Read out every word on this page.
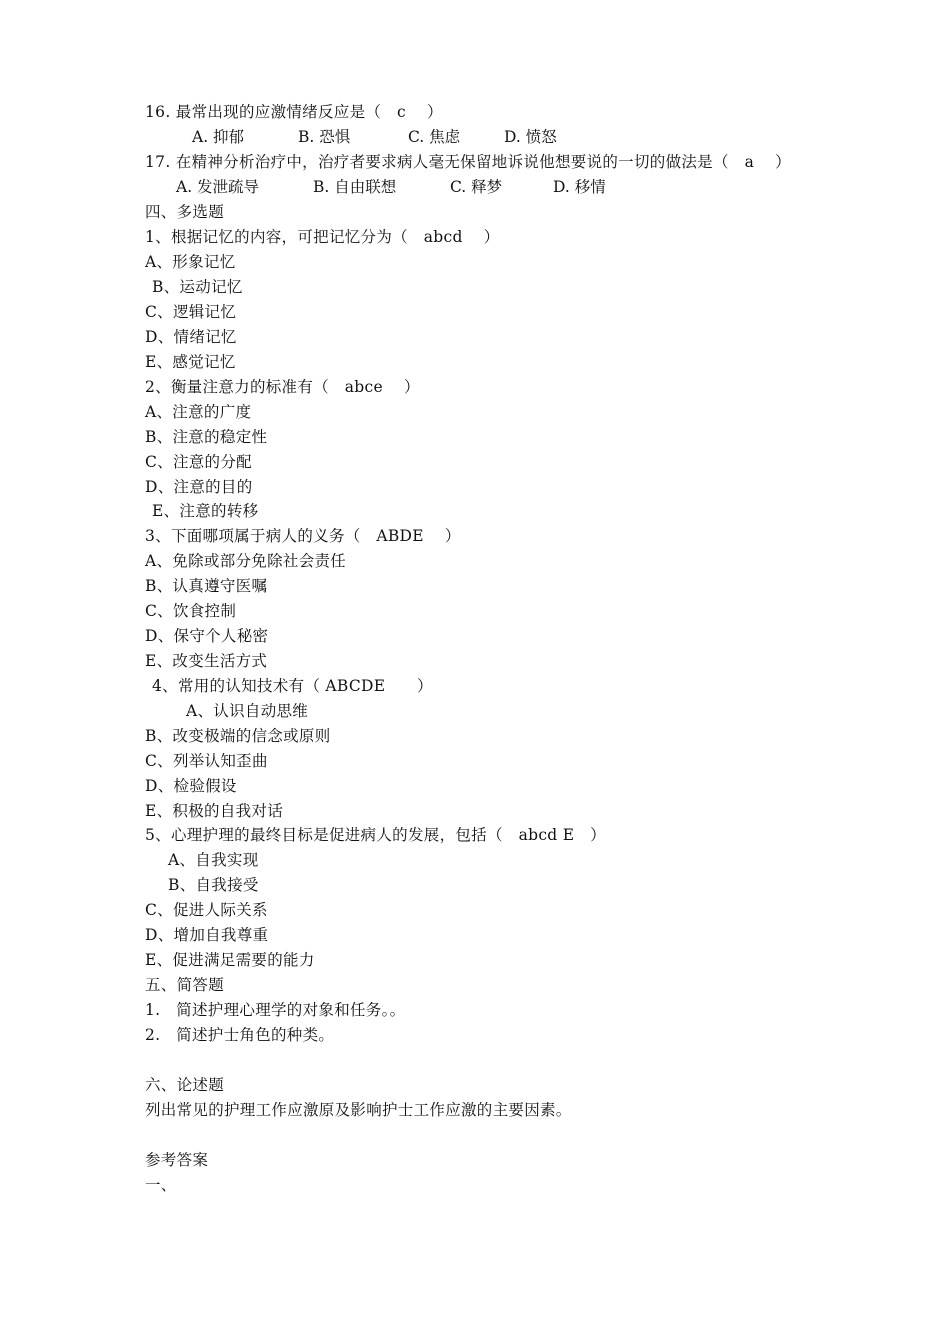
16. 最常出现的应激情绪反应是（　c　 ）

A. 抑郁

	B. 恐惧

	C. 焦虑

	D. 愤怒

17. 在精神分析治疗中，治疗者要求病人毫无保留地诉说他想要说的一切的做法是（　a　 ）

A. 发泄疏导

	B. 自由联想

	C. 释梦

	D. 移情

四、多选题
1、根据记忆的内容，可把记忆分为（　abcd　 ）
A、形象记忆
B、运动记忆
C、逻辑记忆
D、情绪记忆
E、感觉记忆
2、衡量注意力的标准有（　abce　 ）
A、注意的广度
B、注意的稳定性
C、注意的分配
D、注意的目的
E、注意的转移
3、下面哪项属于病人的义务（　ABDE　 ）
A、免除或部分免除社会责任
B、认真遵守医嘱
C、饮食控制
D、保守个人秘密
E、改变生活方式
4、常用的认知技术有（ ABCDE　　）
A、认识自动思维
B、改变极端的信念或原则
C、列举认知歪曲
D、检验假设
E、积极的自我对话
5、心理护理的最终目标是促进病人的发展，包括（　abcd E　）
A、自我实现
B、自我接受
C、促进人际关系
D、增加自我尊重
E、促进满足需要的能力
五、简答题
1.　简述护理心理学的对象和任务。。
2.　简述护士角色的种类。
六、论述题
列出常见的护理工作应激原及影响护士工作应激的主要因素。
参考答案
一、
